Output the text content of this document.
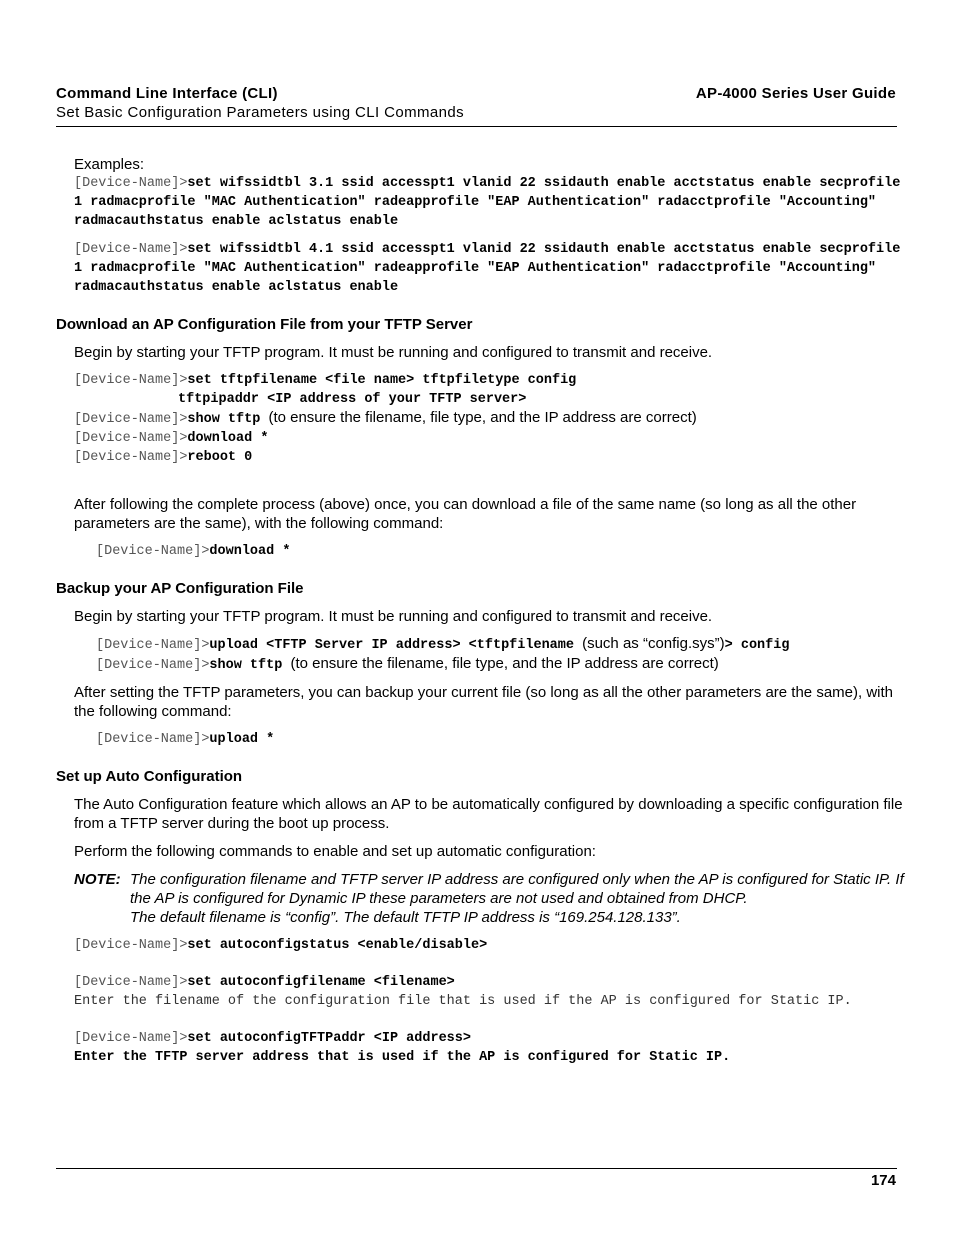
Command Line Interface (CLI)
Set Basic Configuration Parameters using CLI Commands
AP-4000 Series User Guide
Examples:
[Device-Name]>set wifssidtbl 3.1 ssid accesspt1 vlanid 22 ssidauth enable acctstatus enable secprofile 1 radmacprofile "MAC Authentication" radeapprofile "EAP Authentication" radacctprofile "Accounting" radmacauthstatus enable aclstatus enable
[Device-Name]>set wifssidtbl 4.1 ssid accesspt1 vlanid 22 ssidauth enable acctstatus enable secprofile 1 radmacprofile "MAC Authentication" radeapprofile "EAP Authentication" radacctprofile "Accounting" radmacauthstatus enable aclstatus enable
Download an AP Configuration File from your TFTP Server
Begin by starting your TFTP program. It must be running and configured to transmit and receive.
[Device-Name]>set tftpfilename <file name> tftpfiletype config
tftpipaddr <IP address of your TFTP server>
[Device-Name]>show tftp (to ensure the filename, file type, and the IP address are correct)
[Device-Name]>download *
[Device-Name]>reboot 0
After following the complete process (above) once, you can download a file of the same name (so long as all the other parameters are the same), with the following command:
[Device-Name]>download *
Backup your AP Configuration File
Begin by starting your TFTP program. It must be running and configured to transmit and receive.
[Device-Name]>upload <TFTP Server IP address> <tftpfilename (such as “config.sys”)> config
[Device-Name]>show tftp (to ensure the filename, file type, and the IP address are correct)
After setting the TFTP parameters, you can backup your current file (so long as all the other parameters are the same), with the following command:
[Device-Name]>upload *
Set up Auto Configuration
The Auto Configuration feature which allows an AP to be automatically configured by downloading a specific configuration file from a TFTP server during the boot up process.
Perform the following commands to enable and set up automatic configuration:
NOTE: The configuration filename and TFTP server IP address are configured only when the AP is configured for Static IP. If the AP is configured for Dynamic IP these parameters are not used and obtained from DHCP.
The default filename is “config”. The default TFTP IP address is “169.254.128.133”.
[Device-Name]>set autoconfigstatus <enable/disable>
[Device-Name]>set autoconfigfilename <filename>
Enter the filename of the configuration file that is used if the AP is configured for Static IP.
[Device-Name]>set autoconfigTFTPaddr <IP address>
Enter the TFTP server address that is used if the AP is configured for Static IP.
174
